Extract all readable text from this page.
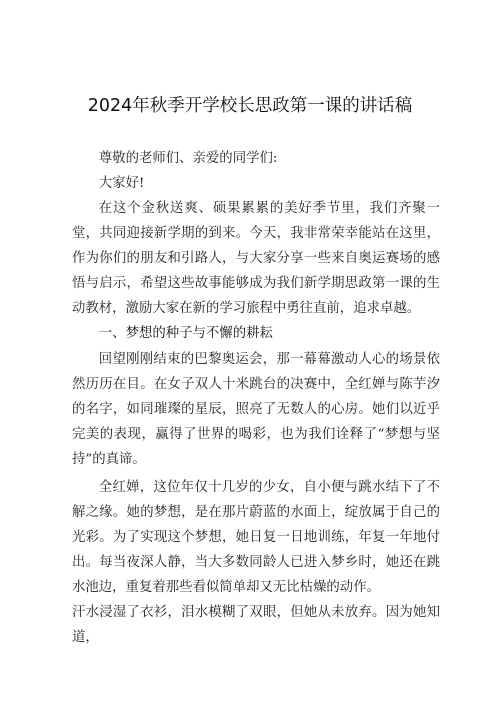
2024年秋季开学校长思政第一课的讲话稿

尊敬的老师们、亲爱的同学们:

大家好!

在这个金秋送爽、硕果累累的美好季节里，我们齐聚一堂，共同迎接新学期的到来。今天，我非常荣幸能站在这里，作为你们的朋友和引路人，与大家分享一些来自奥运赛场的感悟与启示，希望这些故事能够成为我们新学期思政第一课的生动教材，激励大家在新的学习旅程中勇往直前，追求卓越。

一、梦想的种子与不懈的耕耘

回望刚刚结束的巴黎奥运会，那一幕幕激动人心的场景依然历历在目。在女子双人十米跳台的决赛中，全红婵与陈芋汐的名字，如同璀璨的星辰，照亮了无数人的心房。她们以近乎完美的表现，赢得了世界的喝彩，也为我们诠释了“梦想与坚持”的真谛。

全红婵，这位年仅十几岁的少女，自小便与跳水结下了不解之缘。她的梦想，是在那片蔚蓝的水面上，绽放属于自己的光彩。为了实现这个梦想，她日复一日地训练，年复一年地付出。每当夜深人静，当大多数同龄人已进入梦乡时，她还在跳水池边，重复着那些看似简单却又无比枯燥的动作。

汗水浸湿了衣衫，泪水模糊了双眼，但她从未放弃。因为她知道，
